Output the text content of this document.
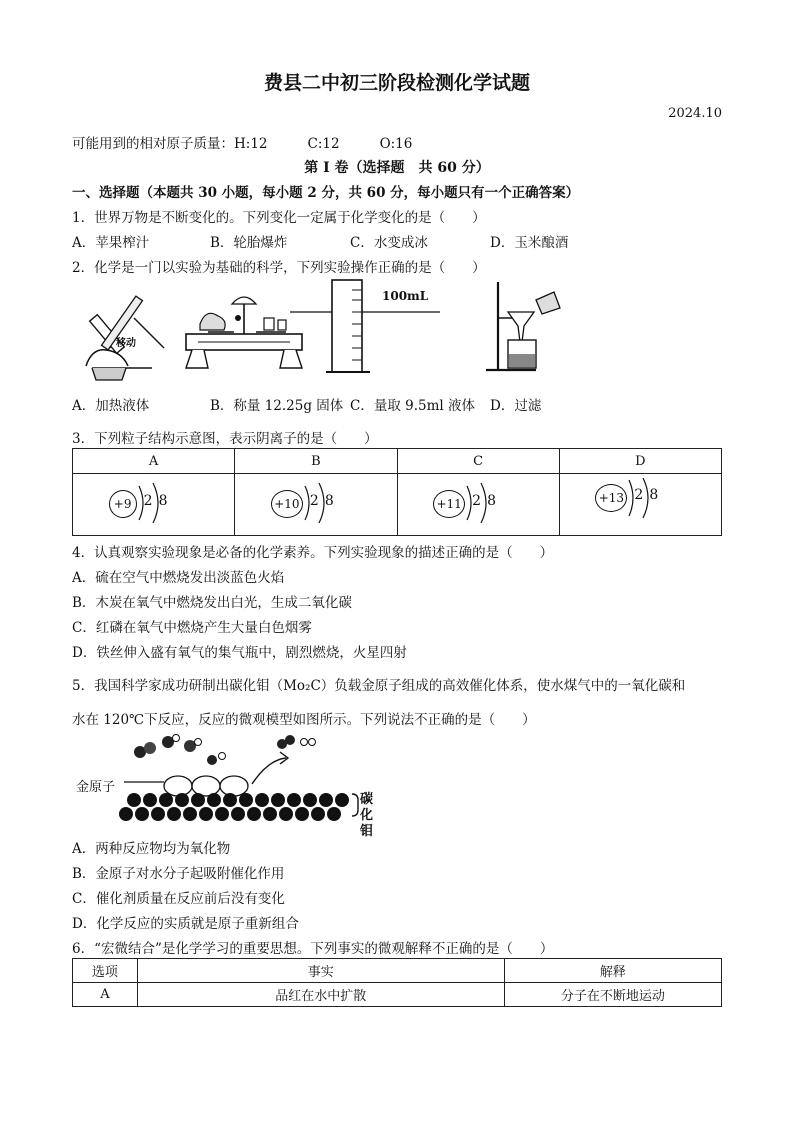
费县二中初三阶段检测化学试题
2024.10
可能用到的相对原子质量：H:12	C:12	O:16
第 I 卷（选择题　共 60 分）
一、选择题（本题共 30 小题，每小题 2 分，共 60 分，每小题只有一个正确答案）
1．世界万物是不断变化的。下列变化一定属于化学变化的是（　　）
A．苹果榨汁	B．轮胎爆炸	C．水变成冰	D．玉米酿酒
2．化学是一门以实验为基础的科学，下列实验操作正确的是（　　）
移动
100mL
A．加热液体	B．称量 12.25g 固体 C．量取 9.5ml 液体 D．过滤
3．下列粒子结构示意图，表示阴离子的是（　　）
A	B	C	D

+9 2 8	+10 2 8	+11 2 8	+13 2 8
4．认真观察实验现象是必备的化学素养。下列实验现象的描述正确的是（　　）
A．硫在空气中燃烧发出淡蓝色火焰
B．木炭在氧气中燃烧发出白光，生成二氧化碳
C．红磷在氧气中燃烧产生大量白色烟雾
D．铁丝伸入盛有氧气的集气瓶中，剧烈燃烧，火星四射
5．我国科学家成功研制出碳化钼（Mo₂C）负载金原子组成的高效催化体系，使水煤气中的一氧化碳和
水在 120℃下反应，反应的微观模型如图所示。下列说法不正确的是（　　）
金原子
碳化钼
A．两种反应物均为氧化物
B．金原子对水分子起吸附催化作用
C．催化剂质量在反应前后没有变化
D．化学反应的实质就是原子重新组合
6．“宏微结合”是化学学习的重要思想。下列事实的微观解释不正确的是（　　）
选项	事实	解释
A	品红在水中扩散	分子在不断地运动
